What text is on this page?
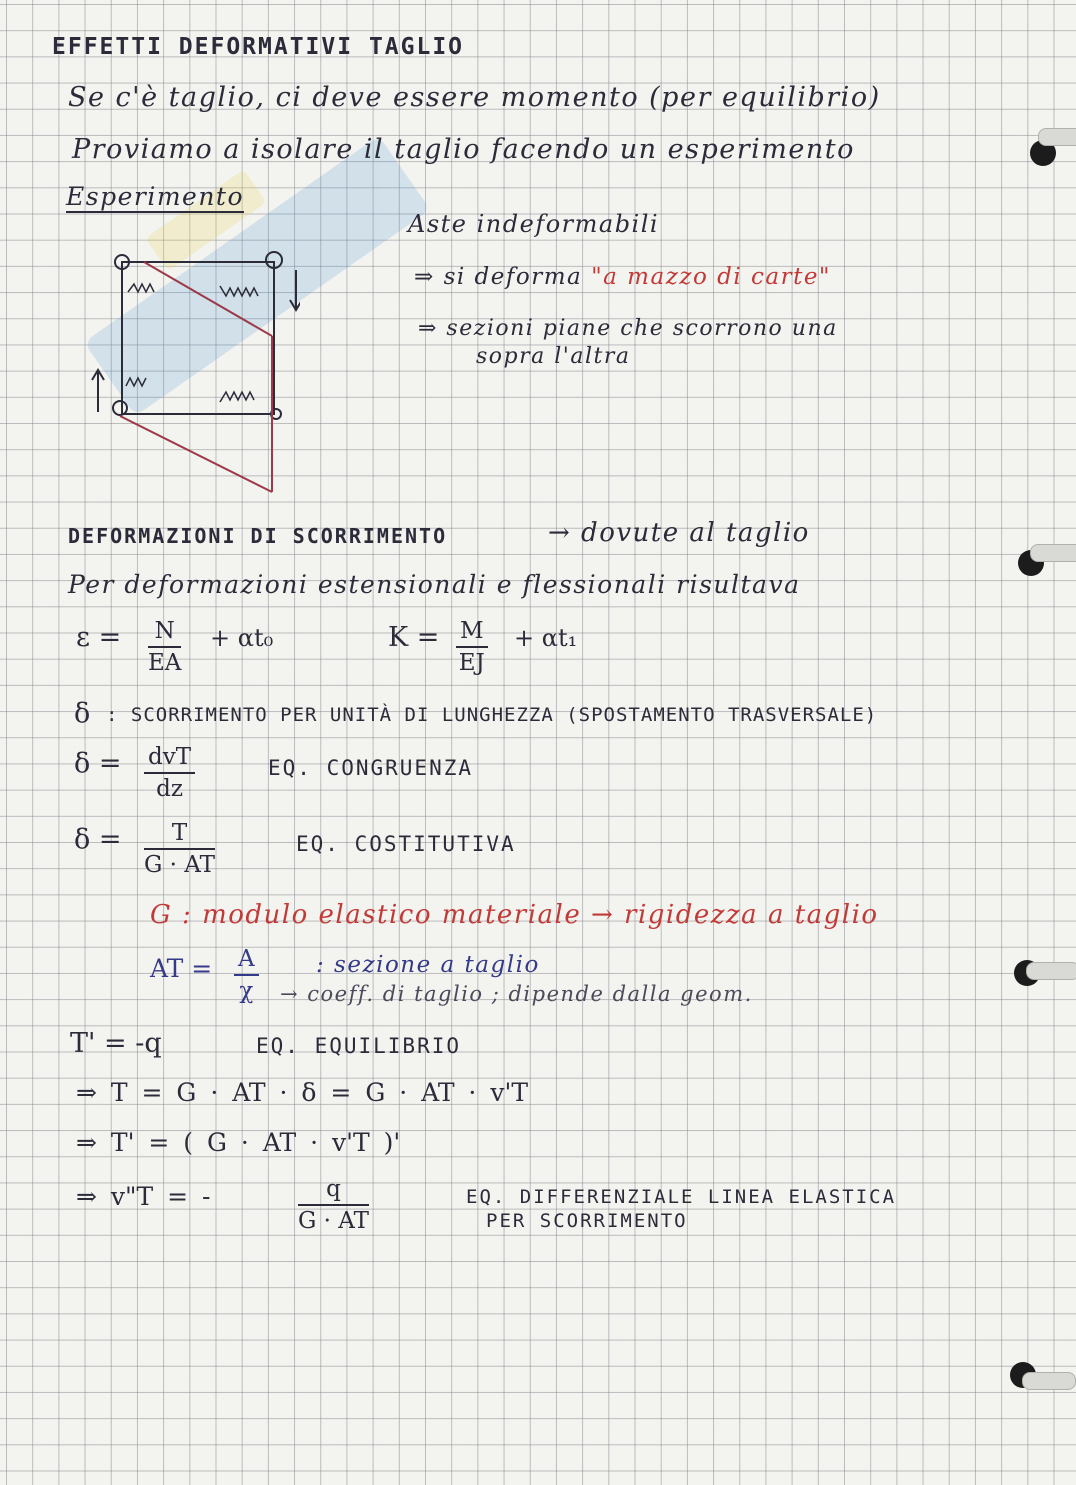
EFFETTI DEFORMATIVI TAGLIO
Se c'è taglio, ci deve essere momento (per equilibrio)
Proviamo a isolare il taglio facendo un esperimento
Esperimento
Aste indeformabili
⇒ si deforma "a mazzo di carte"
⇒ sezioni piane che scorrono una
sopra l'altra
DEFORMAZIONI DI SCORRIMENTO	→ dovute al taglio
Per deformazioni estensionali e flessionali risultava
$\varepsilon = \frac{N}{EA} + \alpha t_0$	$K = \frac{M}{EJ} + \alpha t_1$
δ : SCORRIMENTO PER UNITÀ DI LUNGHEZZA (SPOSTAMENTO TRASVERSALE)
δ = dvT
dz
EQ. CONGRUENZA
$\delta = \frac{T}{G \cdot AT}$	EQ. COSTITUTIVA
G : modulo elastico materiale → rigidezza a taglio
AT = $\frac{A}{\chi}$ : sezione a taglio
→ coeff. di taglio ; dipende dalla geom.
T' = -q	EQ. EQUILIBRIO
⇒ T = G · AT · δ = G · AT · v'T
⇒ T' = ( G · AT · v'T )'
⇒ v"T = -	$\frac{q}{G \cdot AT}$	EQ. DIFFERENZIALE LINEA ELASTICA
PER SCORRIMENTO
